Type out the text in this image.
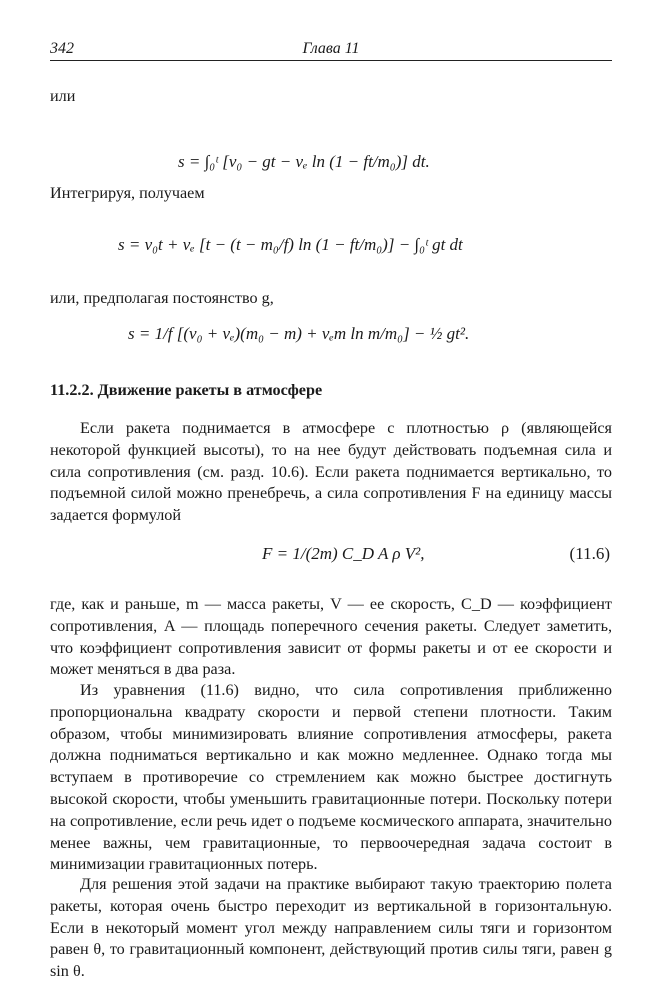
342	Глава 11
или
s = ∫₀ᵗ [v₀ − gt − vₑ ln (1 − ft/m₀)] dt.
Интегрируя, получаем
s = v₀t + vₑ [t − (t − m₀/f) ln (1 − ft/m₀)] − ∫₀ᵗ gt dt
или, предполагая постоянство g,
s = 1/f [(v₀ + vₑ)(m₀ − m) + vₑm ln m/m₀] − ½ gt².
11.2.2. Движение ракеты в атмосфере

Если ракета поднимается в атмосфере с плотностью ρ (являющейся некоторой функцией высоты), то на нее будут действовать подъемная сила и сила сопротивления (см. разд. 10.6). Если ракета поднимается вертикально, то подъемной силой можно пренебречь, а сила сопротивления F на единицу массы задается формулой

F = 1/(2m) C_D A ρ V²,	(11.6)

где, как и раньше, m — масса ракеты, V — ее скорость, C_D — коэффициент сопротивления, A — площадь поперечного сечения ракеты. Следует заметить, что коэффициент сопротивления зависит от формы ракеты и от ее скорости и может меняться в два раза.

Из уравнения (11.6) видно, что сила сопротивления приближенно пропорциональна квадрату скорости и первой степени плотности. Таким образом, чтобы минимизировать влияние сопротивления атмосферы, ракета должна подниматься вертикально и как можно медленнее. Однако тогда мы вступаем в противоречие со стремлением как можно быстрее достигнуть высокой скорости, чтобы уменьшить гравитационные потери. Поскольку потери на сопротивление, если речь идет о подъеме космического аппарата, значительно менее важны, чем гравитационные, то первоочередная задача состоит в минимизации гравитационных потерь.

Для решения этой задачи на практике выбирают такую траекторию полета ракеты, которая очень быстро переходит из вертикальной в горизонтальную. Если в некоторый момент угол между направлением силы тяги и горизонтом равен θ, то гравитационный компонент, действующий против силы тяги, равен g sin θ.
